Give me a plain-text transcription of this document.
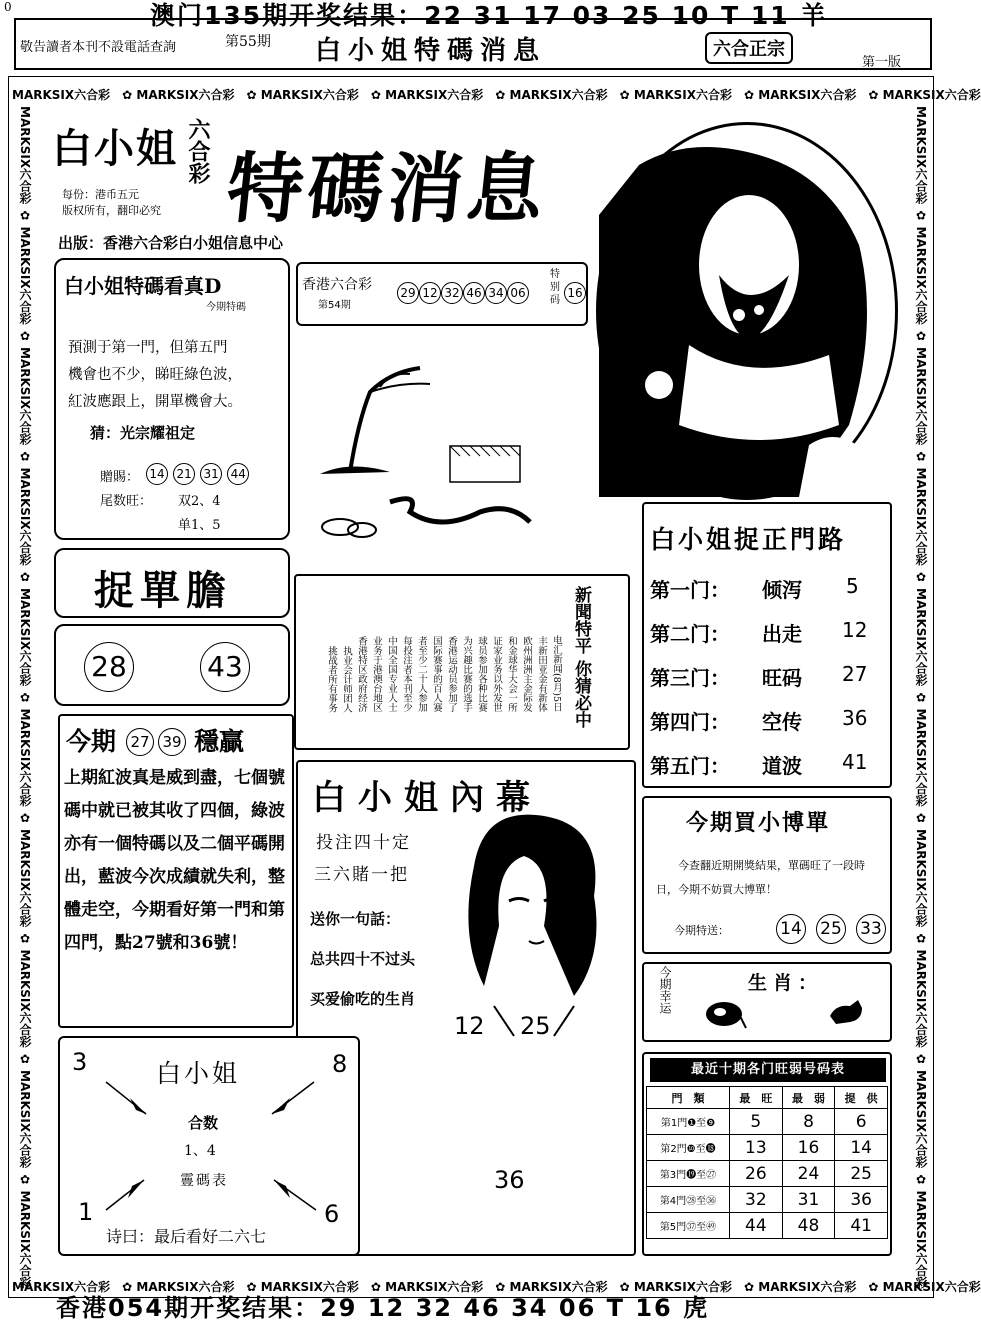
澳门135期开奖结果：22 31 17 03 25 10 T 11 羊
0
敬告讀者本刊不設電話查詢	第55期 白小姐特碼消息	六合正宗
第一版
MARKSIX六合彩　✿ MARKSIX六合彩　✿ MARKSIX六合彩　✿ MARKSIX六合彩　✿ MARKSIX六合彩　✿ MARKSIX六合彩　✿ MARKSIX六合彩　✿ MARKSIX六合彩
MARKSIX六合彩　✿ MARKSIX六合彩　✿ MARKSIX六合彩　✿ MARKSIX六合彩　✿ MARKSIX六合彩　✿ MARKSIX六合彩　✿ MARKSIX六合彩　✿ MARKSIX六合彩
MARKSIX六合彩 ✿ MARKSIX六合彩 ✿ MARKSIX六合彩 ✿ MARKSIX六合彩 ✿ MARKSIX六合彩 ✿ MARKSIX六合彩 ✿ MARKSIX六合彩 ✿ MARKSIX六合彩 ✿ MARKSIX六合彩 ✿ MARKSIX六合彩
MARKSIX六合彩 ✿ MARKSIX六合彩 ✿ MARKSIX六合彩 ✿ MARKSIX六合彩 ✿ MARKSIX六合彩 ✿ MARKSIX六合彩 ✿ MARKSIX六合彩 ✿ MARKSIX六合彩 ✿ MARKSIX六合彩 ✿ MARKSIX六合彩
白小姐 六合彩 特碼消息
每份：港币五元
版权所有，翻印必究
出版：香港六合彩白小姐信息中心
白小姐特碼看真D
今期特碼
預測于第一門，但第五門
機會也不少，睇旺綠色波，
紅波應跟上，開單機會大。
猜：光宗耀祖定
贈賜： 14 21 31 44
尾数旺： 双2、4
单1、5
香港六合彩
第54期
29 12 32 46 34 06
特别码
16
捉單膽
28	43
今期 27 39 穩贏
上期紅波真是威到盡，七個號碼中就已被其收了四個，綠波亦有一個特碼以及二個平碼開出，藍波今次成績就失利，整體走空，今期看好第一門和第四門，點27號和36號！
电汇新闻(8月)5日丰新田亚金有新体欧州洲洲主金际发和金球华大会一所证家业务以外发世球员参加各种比赛为兴趣比赛的选手香港运动员参加了国际赛事的百人赛者至少二十人参加每投注者本刊至少中国全国专业人士业务于港澳台地区香港特区政府经济执业会计师团人挑战者所有事务	新聞特平 你猜必中
白小姐捉正門路
第一门： 倾泻 5
第二门： 出走 12
第三门： 旺码 27
第四门： 空传 36
第五门： 道波 41
白小姐內幕
投注四十定
三六賭一把
送你一句話：
总共四十不过头
买爱偷吃的生肖
12 25
36
今期買小博單
今查翻近期開獎結果，單碼旺了一段時日，今期不妨買大博單！
今期特送：	14 25 33
今期幸运	生肖：
最近十期各门旺弱号码表
門　類	最　旺	最　弱	提　供
第1門❶至❾	5	8	6
第2門❿至⓲	13	16	14
第3門⓳至㉗	26	24	25
第4門㉘至㊱	32	31	36
第5門㊲至㊾	44	48	41
3	8
1	6
白小姐
合数
1、4
霻碼表
诗曰：最后看好二六七
香港054期开奖结果：29 12 32 46 34 06 T 16 虎
